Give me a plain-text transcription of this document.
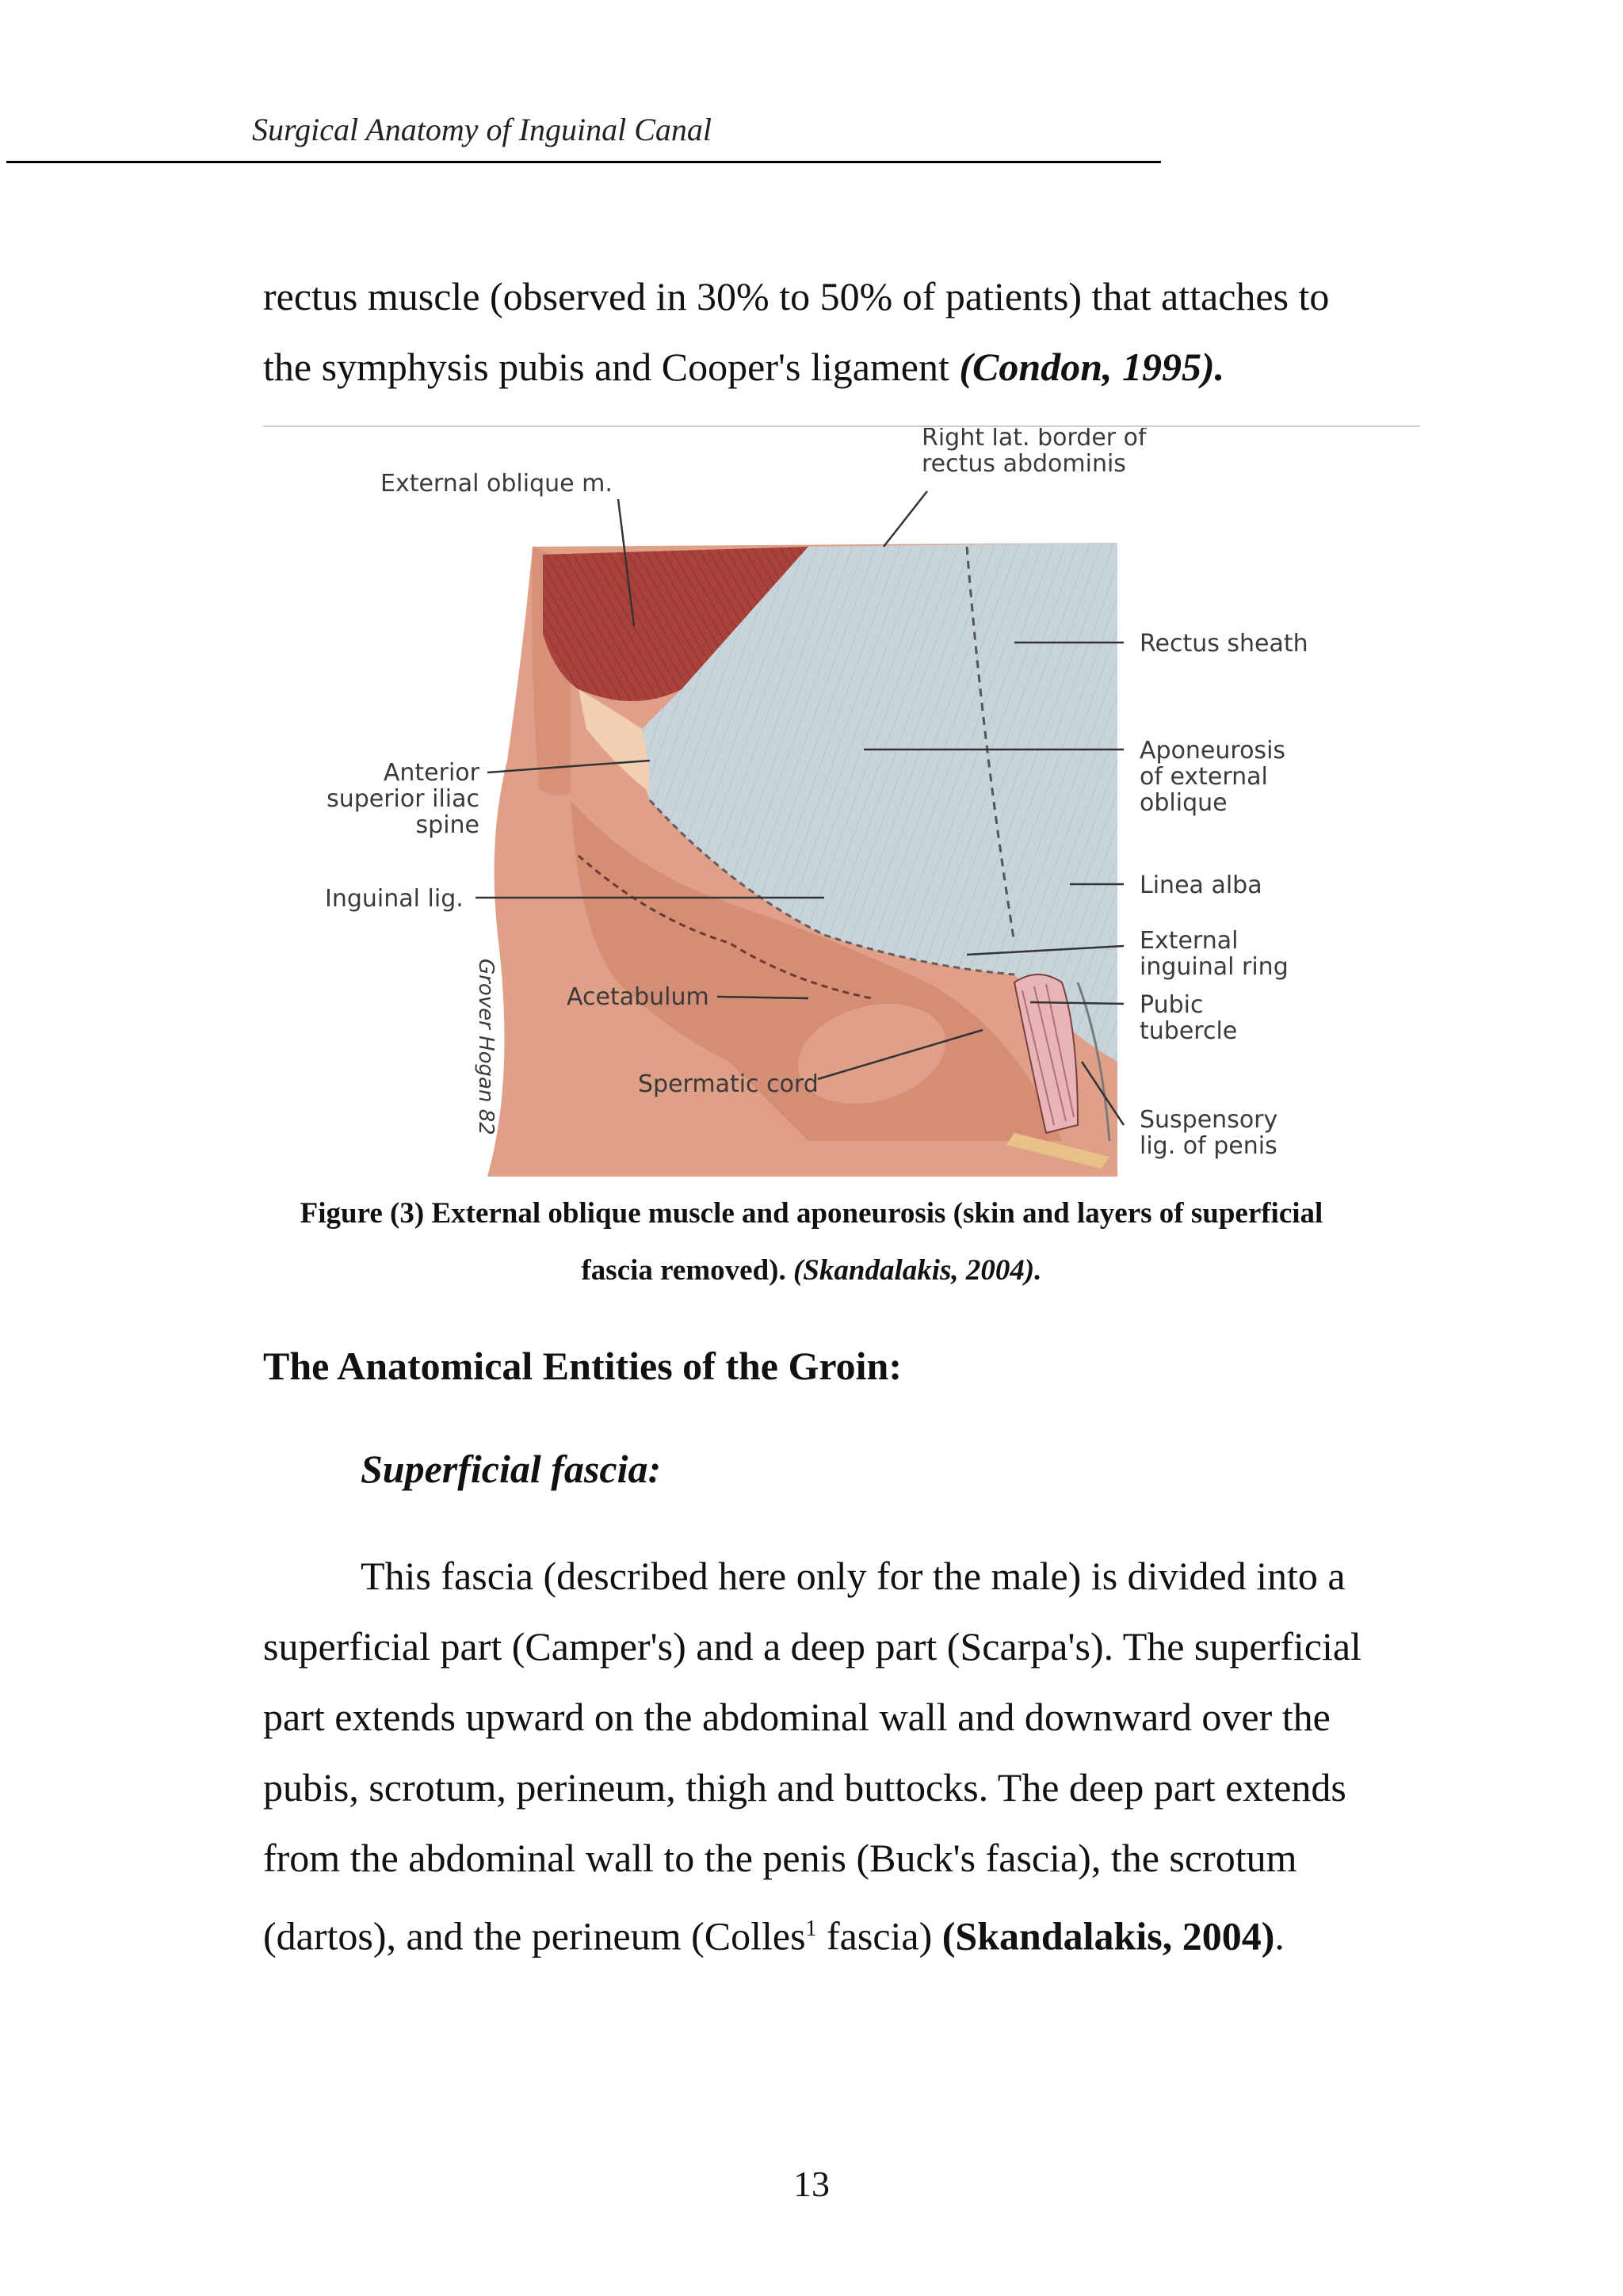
Surgical Anatomy of Inguinal Canal
rectus muscle (observed in 30% to 50% of patients) that attaches to
the symphysis pubis and Cooper's ligament (Condon, 1995).
Grover Hogan 82
External oblique m.
Right lat. border of
rectus abdominis
Rectus sheath
Aponeurosis
of external
oblique
Anterior
superior iliac
spine
Inguinal lig.	Linea alba
External
inguinal ring
Acetabulum	Pubic
tubercle
Spermatic cord
Suspensory
lig. of penis
Figure (3) External oblique muscle and aponeurosis (skin and layers of superficial
fascia removed). (Skandalakis, 2004).
The Anatomical Entities of the Groin:
Superficial fascia:
This fascia (described here only for the male) is divided into a
superficial part (Camper's) and a deep part (Scarpa's). The superficial
part extends upward on the abdominal wall and downward over the
pubis, scrotum, perineum, thigh and buttocks. The deep part extends
from the abdominal wall to the penis (Buck's fascia), the scrotum
(dartos), and the perineum (Colles$^1$ fascia) (Skandalakis, 2004).
13
